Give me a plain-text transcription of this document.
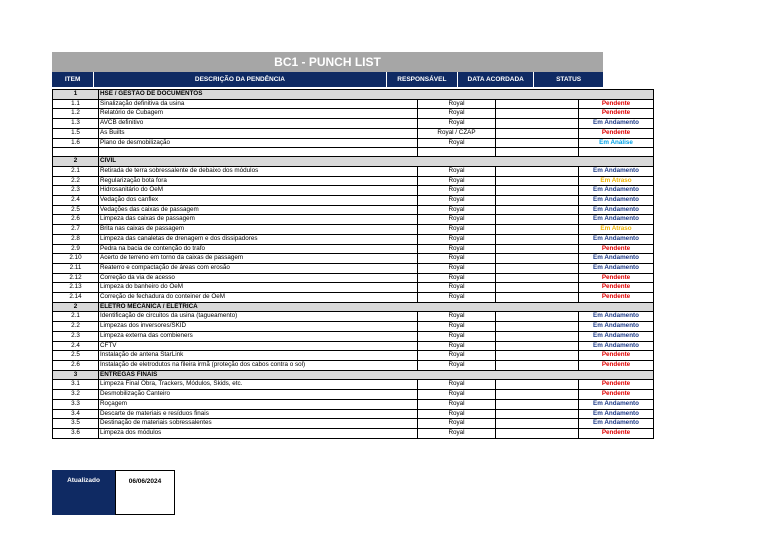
BC1 - PUNCH LIST
ITEM	DESCRIÇÃO DA PENDÊNCIA	RESPONSÁVEL	DATA ACORDADA	STATUS
1	HSE / GESTÃO DE DOCUMENTOS			
1.1	Sinalização definitiva da usina	Royal		Pendente
1.2	Relatório de Cubagem	Royal		Pendente
1.3	AVCB definitivo	Royal		Em Andamento
1.5	As Builts	Royal / CZAP		Pendente
1.6	Plano de desmobilização	Royal		Em Análise

2	CIVIL			
2.1	Retirada de terra sobressalente de debaixo dos módulos	Royal		Em Andamento
2.2	Regularização bota fora	Royal		Em Atraso
2.3	Hidrosanitário do OeM	Royal		Em Andamento
2.4	Vedação dos canflex	Royal		Em Andamento
2.5	Vedações das caixas de passagem	Royal		Em Andamento
2.6	Limpeza das caixas de passagem	Royal		Em Andamento
2.7	Brita nas caixas de passagem	Royal		Em Atraso
2.8	Limpeza das canaletas de drenagem e dos dissipadores	Royal		Em Andamento
2.9	Pedra na bacia de contenção do trafo	Royal		Pendente
2.10	Acerto de terreno em torno da caixas de passagem	Royal		Em Andamento
2.11	Reaterro e compactação de áreas com erosão	Royal		Em Andamento
2.12	Correção da via de acesso	Royal		Pendente
2.13	Limpeza do banheiro do OeM	Royal		Pendente
2.14	Correção de fechadura do conteiner de OeM	Royal		Pendente
2	ELETRO MECÂNICA / ELÉTRICA			
2.1	Identificação de circuitos da usina (tagueamento)	Royal		Em Andamento
2.2	Limpezas dos inversores/SKID	Royal		Em Andamento
2.3	Limpeza externa das combieners	Royal		Em Andamento
2.4	CFTV	Royal		Em Andamento
2.5	Instalação de antena StarLink	Royal		Pendente
2.6	Instalação de eletrodutos na fileira irmã (proteção dos cabos contra o sol)	Royal		Pendente
3	ENTREGAS FINAIS			
3.1	Limpeza Final Obra, Trackers, Módulos, Skids, etc.	Royal		Pendente
3.2	Desmobilização Canteiro	Royal		Pendente
3.3	Roçagem	Royal		Em Andamento
3.4	Descarte de materiais e resíduos finais	Royal		Em Andamento
3.5	Destinação de materiais sobressalentes	Royal		Em Andamento
3.6	Limpeza dos módulos	Royal		Pendente
Atualizado	06/06/2024
